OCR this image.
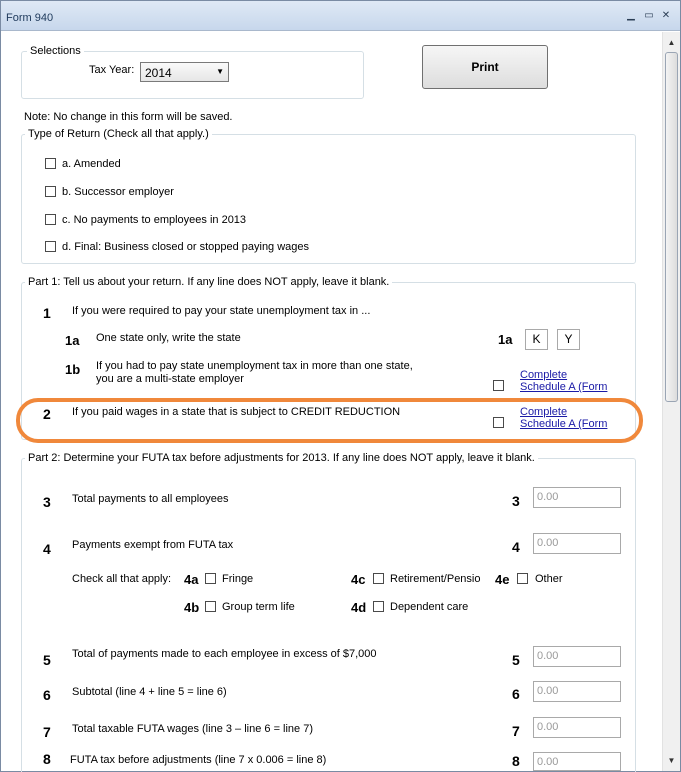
Form 940	▁ ▭ ✕
▲
▼
Selections
Tax Year: 2014	▼	Print
Note: No change in this form will be saved.
Type of Return (Check all that apply.)
a. Amended
b. Successor employer
c. No payments to employees in 2013
d. Final: Business closed or stopped paying wages
Part 1: Tell us about your return. If any line does NOT apply, leave it blank.
1 If you were required to pay your state unemployment tax in ...
1a One state only, write the state	1a	K	Y
1b If you had to pay state unemployment tax in more than one state,
you are a multi-state employer	Complete
Schedule A (Form
2 If you paid wages in a state that is subject to CREDIT REDUCTION	Complete
Schedule A (Form
Part 2: Determine your FUTA tax before adjustments for 2013. If any line does NOT apply, leave it blank.
3 Total payments to all employees	3 0.00
4 Payments exempt from FUTA tax	4 0.00
Check all that apply: 4a Fringe	4c Retirement/Pensio 4e Other
4b Group term life	4d Dependent care
5 Total of payments made to each employee in excess of $7,000	5 0.00
6 Subtotal (line 4 + line 5 = line 6)	6 0.00
7 Total taxable FUTA wages (line 3 – line 6 = line 7)	7 0.00
8 FUTA tax before adjustments (line 7 x 0.006 = line 8)	8 0.00
